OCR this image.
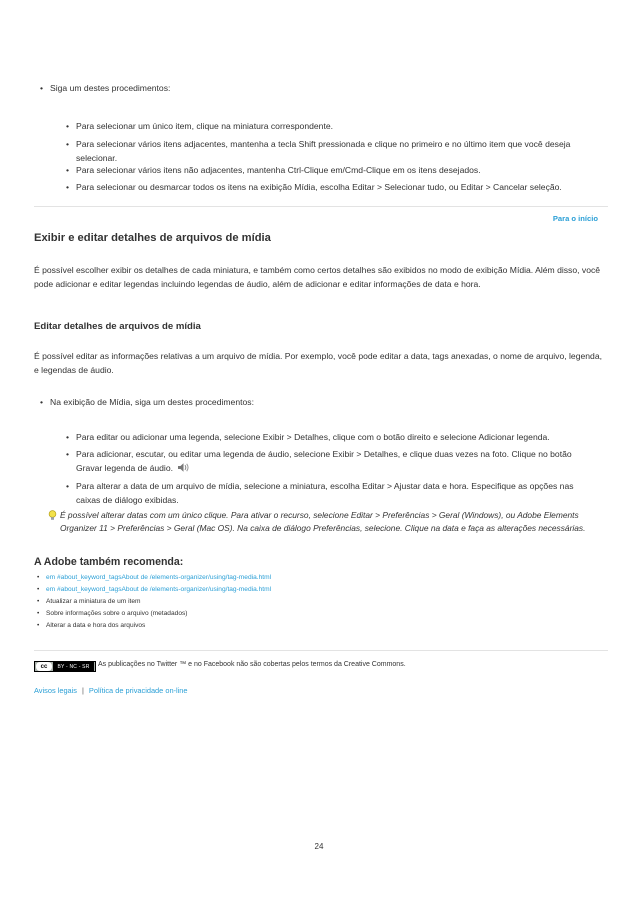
• Siga um destes procedimentos:
• Para selecionar um único item, clique na miniatura correspondente.
• Para selecionar vários itens adjacentes, mantenha a tecla Shift pressionada e clique no primeiro e no último item que você deseja selecionar.
• Para selecionar vários itens não adjacentes, mantenha Ctrl-Clique em/Cmd-Clique em os itens desejados.
• Para selecionar ou desmarcar todos os itens na exibição Mídia, escolha Editar > Selecionar tudo, ou Editar > Cancelar seleção.
Para o início
Exibir e editar detalhes de arquivos de mídia
É possível escolher exibir os detalhes de cada miniatura, e também como certos detalhes são exibidos no modo de exibição Mídia. Além disso, você pode adicionar e editar legendas incluindo legendas de áudio, além de adicionar e editar informações de data e hora.
Editar detalhes de arquivos de mídia
É possível editar as informações relativas a um arquivo de mídia. Por exemplo, você pode editar a data, tags anexadas, o nome de arquivo, legenda, e legendas de áudio.
• Na exibição de Mídia, siga um destes procedimentos:
• Para editar ou adicionar uma legenda, selecione Exibir > Detalhes, clique com o botão direito e selecione Adicionar legenda.
• Para adicionar, escutar, ou editar uma legenda de áudio, selecione Exibir > Detalhes, e clique duas vezes na foto. Clique no botão Gravar legenda de áudio.
• Para alterar a data de um arquivo de mídia, selecione a miniatura, escolha Editar > Ajustar data e hora. Especifique as opções nas caixas de diálogo exibidas.
É possível alterar datas com um único clique. Para ativar o recurso, selecione Editar > Preferências > Geral (Windows), ou Adobe Elements Organizer 11 > Preferências > Geral (Mac OS). Na caixa de diálogo Preferências, selecione. Clique na data e faça as alterações necessárias.
A Adobe também recomenda:
• em #about_keyword_tagsAbout de /elements-organizer/using/tag-media.html
• em #about_keyword_tagsAbout de /elements-organizer/using/tag-media.html
• Atualizar a miniatura de um item
• Sobre informações sobre o arquivo (metadados)
• Alterar a data e hora dos arquivos
cc	BY - NC - SR	As publicações no Twitter ™ e no Facebook não são cobertas pelos termos da Creative Commons.
Avisos legais | Política de privacidade on-line
24
